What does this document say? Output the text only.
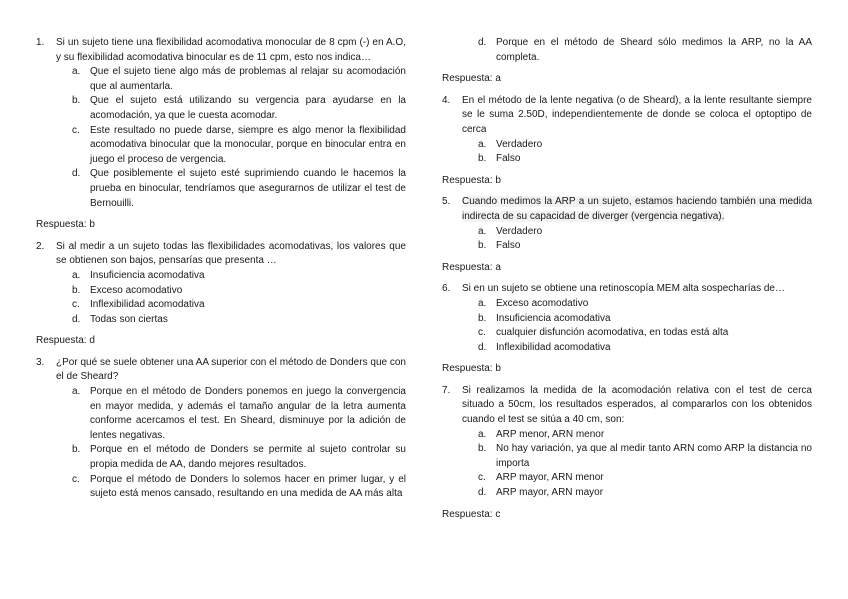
1. Si un sujeto tiene una flexibilidad acomodativa monocular de 8 cpm (-) en A.O, y su flexibilidad acomodativa binocular es de 11 cpm, esto nos indica…
a. Que el sujeto tiene algo más de problemas al relajar su acomodación que al aumentarla.
b. Que el sujeto está utilizando su vergencia para ayudarse en la acomodación, ya que le cuesta acomodar.
c. Este resultado no puede darse, siempre es algo menor la flexibilidad acomodativa binocular que la monocular, porque en binocular entra en juego el proceso de vergencia.
d. Que posiblemente el sujeto esté suprimiendo cuando le hacemos la prueba en binocular, tendríamos que asegurarnos de utilizar el test de Bernouilli.
Respuesta: b
2. Si al medir a un sujeto todas las flexibilidades acomodativas, los valores que se obtienen son bajos, pensarías que presenta …
a. Insuficiencia acomodativa
b. Exceso acomodativo
c. Inflexibilidad acomodativa
d. Todas son ciertas
Respuesta: d
3. ¿Por qué se suele obtener una AA superior con el método de Donders que con el de Sheard?
a. Porque en el método de Donders ponemos en juego la convergencia en mayor medida, y además el tamaño angular de la letra aumenta conforme acercamos el test. En Sheard, disminuye por la adición de lentes negativas.
b. Porque en el método de Donders se permite al sujeto controlar su propia medida de AA, dando mejores resultados.
c. Porque el método de Donders lo solemos hacer en primer lugar, y el sujeto está menos cansado, resultando en una medida de AA más alta
d. Porque en el método de Sheard sólo medimos la ARP, no la AA completa.
Respuesta: a
4. En el método de la lente negativa (o de Sheard), a la lente resultante siempre se le suma 2.50D, independientemente de donde se coloca el optoptipo de cerca
a. Verdadero
b. Falso
Respuesta: b
5. Cuando medimos la ARP a un sujeto, estamos haciendo también una medida indirecta de su capacidad de diverger (vergencia negativa).
a. Verdadero
b. Falso
Respuesta: a
6. Si en un sujeto se obtiene una retinoscopía MEM alta sospecharías de…
a. Exceso acomodativo
b. Insuficiencia acomodativa
c. cualquier disfunción acomodativa, en todas está alta
d. Inflexibilidad acomodativa
Respuesta: b
7. Si realizamos la medida de la acomodación relativa con el test de cerca situado a 50cm, los resultados esperados, al compararlos con los obtenidos cuando el test se sitúa a 40 cm, son:
a. ARP menor, ARN menor
b. No hay variación, ya que al medir tanto ARN como ARP la distancia no importa
c. ARP mayor, ARN menor
d. ARP mayor, ARN mayor
Respuesta: c
